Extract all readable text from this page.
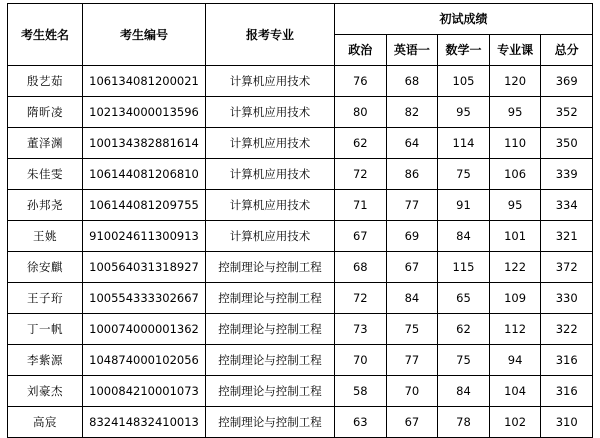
考生姓名	考生编号	报考专业	初试成绩				
			政治	英语一	数学一	专业课	总分
殷艺茹	106134081200021	计算机应用技术	76	68	105	120	369
隋昕凌	102134000013596	计算机应用技术	80	82	95	95	352
董泽渊	100134382881614	计算机应用技术	62	64	114	110	350
朱佳雯	106144081206810	计算机应用技术	72	86	75	106	339
孙邦尧	106144081209755	计算机应用技术	71	77	91	95	334
王姚	910024611300913	计算机应用技术	67	69	84	101	321
徐安麒	100564031318927	控制理论与控制工程	68	67	115	122	372
王子珩	100554333302667	控制理论与控制工程	72	84	65	109	330
丁一帆	100074000001362	控制理论与控制工程	73	75	62	112	322
李紫源	104874000102056	控制理论与控制工程	70	77	75	94	316
刘豪杰	100084210001073	控制理论与控制工程	58	70	84	104	316
高宸	832414832410013	控制理论与控制工程	63	67	78	102	310
